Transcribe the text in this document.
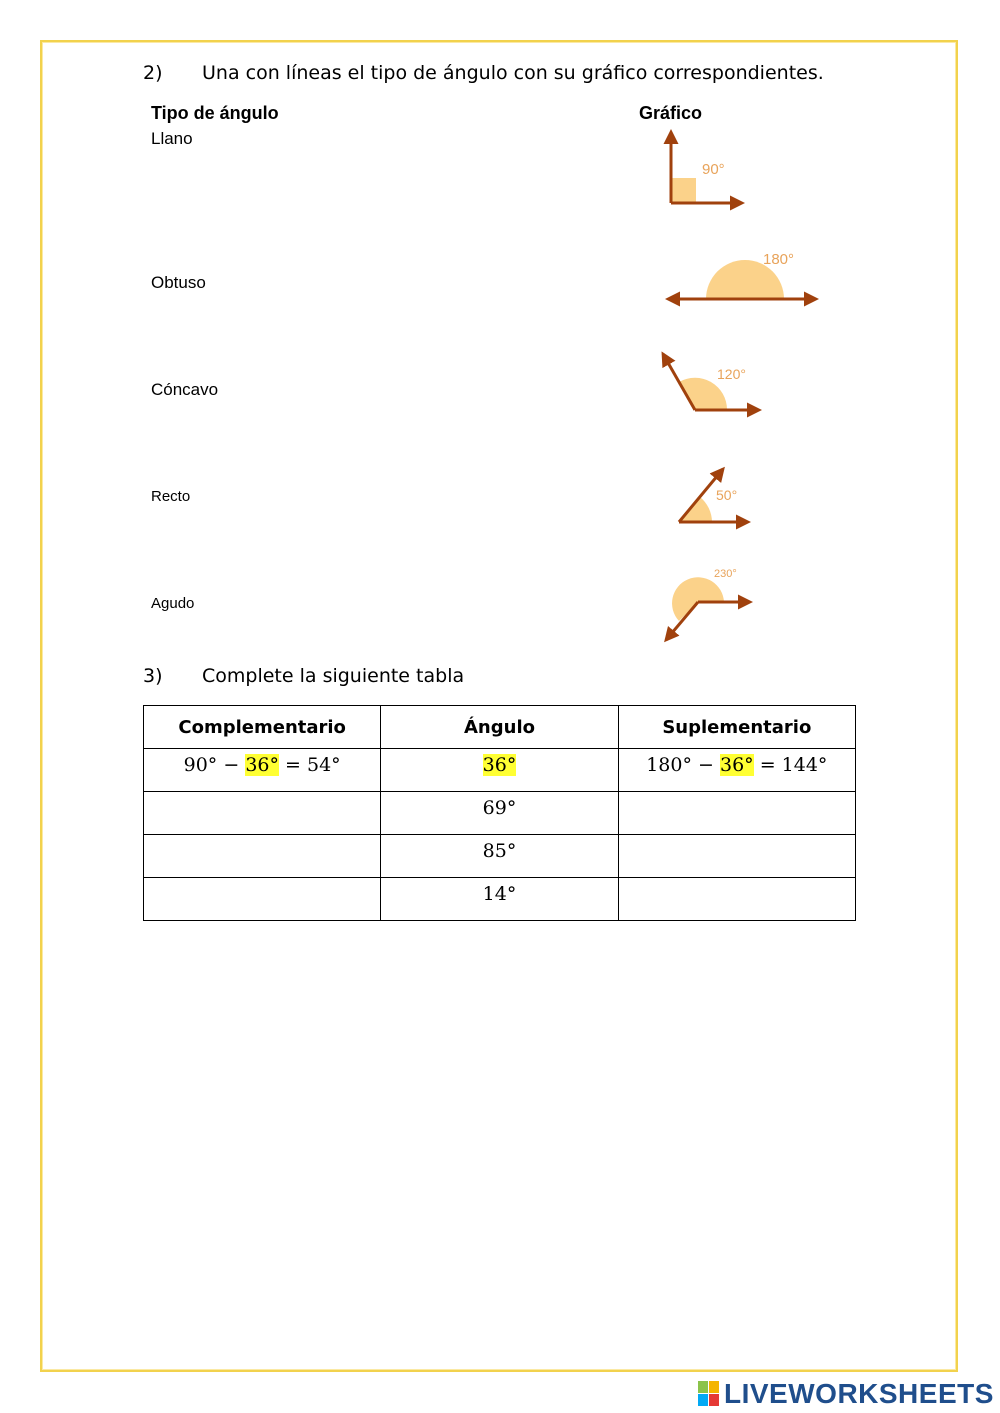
2) Una con líneas el tipo de ángulo con su gráfico correspondientes.
Tipo de ángulo	Gráfico
Llano
Obtuso
Cóncavo
Recto
Agudo
90°
180°
120°
50°
230°
3) Complete la siguiente tabla
Complementario	Ángulo	Suplementario
90° − 36° = 54°	36°	180° − 36° = 144°
	69°	
	85°	
	14°	
LIVEWORKSHEETS
